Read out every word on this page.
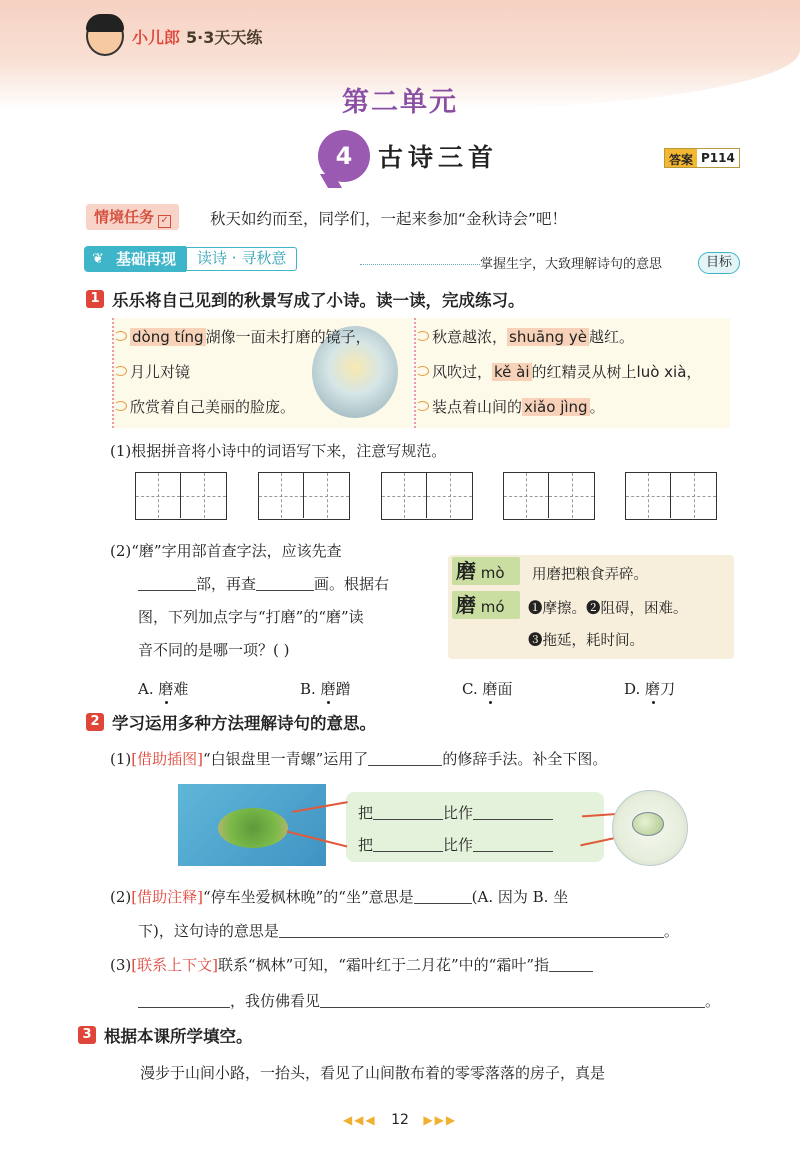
小儿郎 5·3天天练
第二单元
4	古诗三首	答案 P114
情境任务 ✓	秋天如约而至，同学们，一起来参加“金秋诗会”吧！
❦ 基础再现	读诗 · 寻秋意	掌握生字，大致理解诗句的意思	目标
1 乐乐将自己见到的秋景写成了小诗。读一读，完成练习。
dòng tíng 湖像一面未打磨的镜子，
月儿对镜
欣赏着自己美丽的脸庞。
秋意越浓， shuāng yè 越红。
风吹过， kě ài 的红精灵从树上luò xià，
装点着山间的 xiǎo jìng 。
(1)根据拼音将小诗中的词语写下来，注意写规范。
(2)“磨”字用部首查字法，应该先查
部，再查	画。根据右
图，下列加点字与“打磨”的“磨”读
音不同的是哪一项？( )
磨 mò	用磨把粮食弄碎。
磨 mó	❶摩擦。❷阻碍，困难。
❸拖延，耗时间。
A. 磨难	B. 磨蹭	C. 磨面	D. 磨刀
2 学习运用多种方法理解诗句的意思。
(1)[借助插图]“白银盘里一青螺”运用了	的修辞手法。补全下图。
把	比作
把	比作
(2)[借助注释]“停车坐爱枫林晚”的“坐”意思是	(A. 因为 B. 坐
下)，这句诗的意思是	。
(3)[联系上下文]联系“枫林”可知，“霜叶红于二月花”中的“霜叶”指
，我仿佛看见	。
3 根据本课所学填空。
漫步于山间小路，一抬头，看见了山间散布着的零零落落的房子，真是
◀◀◀ 12 ▶▶▶
